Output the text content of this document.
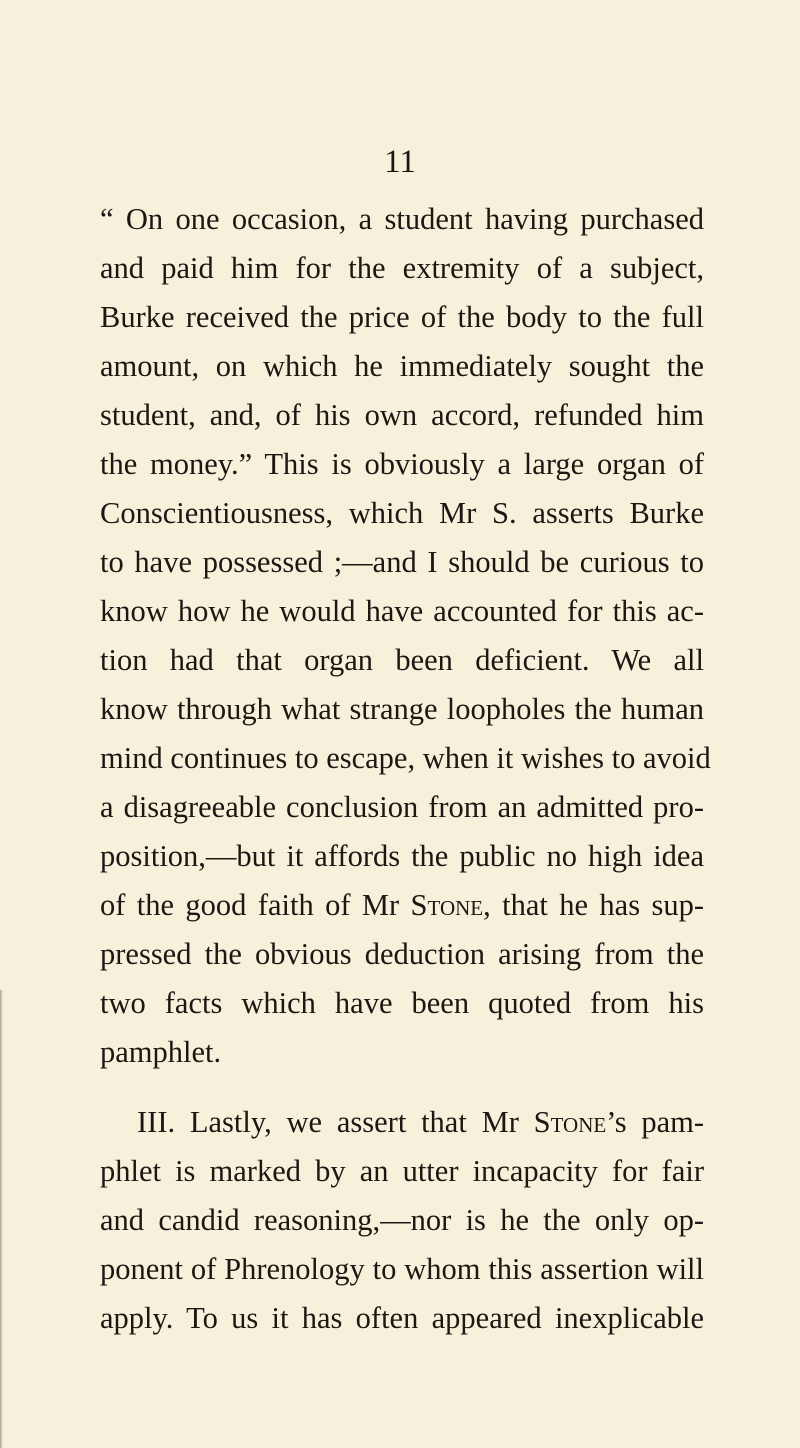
11
“ On one occasion, a student having purchased
and paid him for the extremity of a subject,
Burke received the price of the body to the full
amount, on which he immediately sought the
student, and, of his own accord, refunded him
the money.” This is obviously a large organ of
Conscientiousness, which Mr S. asserts Burke
to have possessed ;—and I should be curious to
know how he would have accounted for this ac-
tion had that organ been deficient. We all
know through what strange loopholes the human
mind continues to escape, when it wishes to avoid
a disagreeable conclusion from an admitted pro-
position,—but it affords the public no high idea
of the good faith of Mr Stone, that he has sup-
pressed the obvious deduction arising from the
two facts which have been quoted from his
pamphlet.
III. Lastly, we assert that Mr Stone’s pam-
phlet is marked by an utter incapacity for fair
and candid reasoning,—nor is he the only op-
ponent of Phrenology to whom this assertion will
apply. To us it has often appeared inexplicable
